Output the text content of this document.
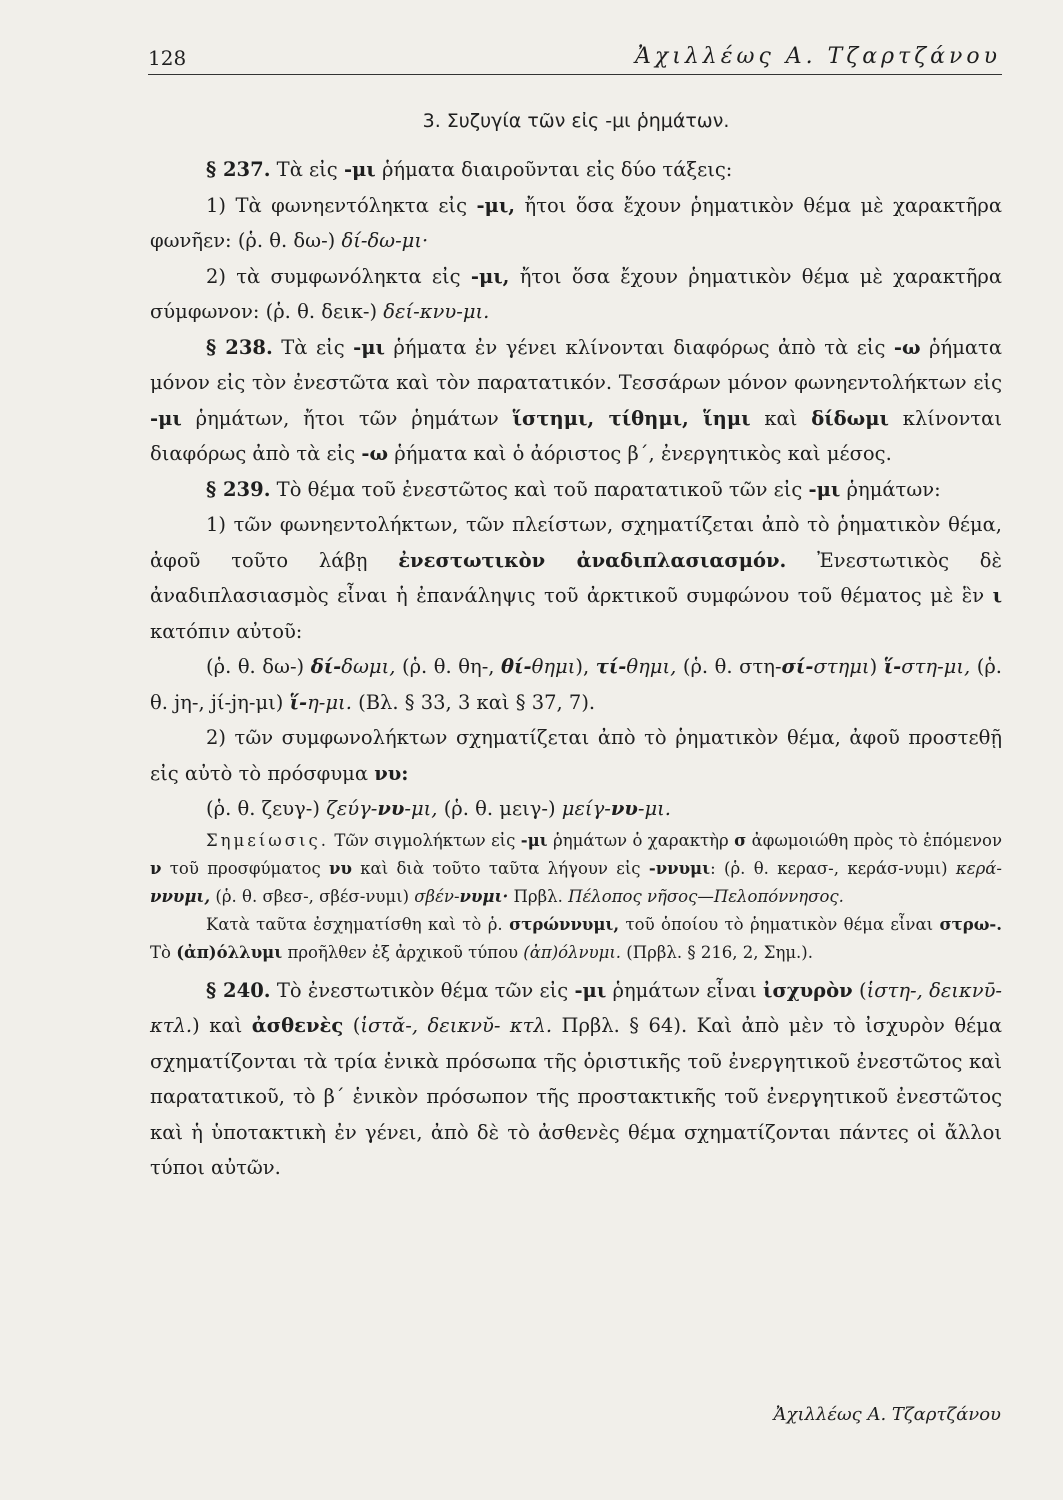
128	Ἀχιλλέως Α. Τζαρτζάνου
3. Συζυγία τῶν εἰς -μι ῥημάτων.

§ 237. Τὰ εἰς -μι ῥήματα διαιροῦνται εἰς δύο τάξεις:

1) Τὰ φωνηεντόληκτα εἰς -μι, ἤτοι ὅσα ἔχουν ῥηματικὸν θέμα μὲ χαρακτῆρα φωνῆεν: (ῥ. θ. δω-) δί-δω-μι·

2) τὰ συμφωνόληκτα εἰς -μι, ἤτοι ὅσα ἔχουν ῥηματικὸν θέμα μὲ χαρακτῆρα σύμφωνον: (ῥ. θ. δεικ-) δεί-κνυ-μι.

§ 238. Τὰ εἰς -μι ῥήματα ἐν γένει κλίνονται διαφόρως ἀπὸ τὰ εἰς -ω ῥήματα μόνον εἰς τὸν ἐνεστῶτα καὶ τὸν παρατατικόν. Τεσσάρων μόνον φωνηεντολήκτων εἰς -μι ῥημάτων, ἤτοι τῶν ῥημάτων ἵστημι, τίθημι, ἵημι καὶ δίδωμι κλίνονται διαφόρως ἀπὸ τὰ εἰς -ω ῥήματα καὶ ὁ ἀόριστος β΄, ἐνεργητικὸς καὶ μέσος.

§ 239. Τὸ θέμα τοῦ ἐνεστῶτος καὶ τοῦ παρατατικοῦ τῶν εἰς -μι ῥημάτων:

1) τῶν φωνηεντολήκτων, τῶν πλείστων, σχηματίζεται ἀπὸ τὸ ῥηματικὸν θέμα, ἀφοῦ τοῦτο λάβῃ ἐνεστωτικὸν ἀναδιπλασιασμόν. Ἐνεστωτικὸς δὲ ἀναδιπλασιασμὸς εἶναι ἡ ἐπανάληψις τοῦ ἀρκτικοῦ συμφώνου τοῦ θέματος μὲ ἓν ι κατόπιν αὐτοῦ:

(ῥ. θ. δω-) δί-δωμι, (ῥ. θ. θη-, θί-θημι), τί-θημι, (ῥ. θ. στη-σί-στημι) ἵ-στη-μι, (ῥ. θ. jη-, jί-jη-μι) ἵ-η-μι. (Βλ. § 33, 3 καὶ § 37, 7).

2) τῶν συμφωνολήκτων σχηματίζεται ἀπὸ τὸ ῥηματικὸν θέμα, ἀφοῦ προστεθῇ εἰς αὐτὸ τὸ πρόσφυμα νυ:

(ῥ. θ. ζευγ-) ζεύγ-νυ-μι, (ῥ. θ. μειγ-) μείγ-νυ-μι.

Σημείωσις. Τῶν σιγμολήκτων εἰς -μι ῥημάτων ὁ χαρακτὴρ σ ἀφωμοιώθη πρὸς τὸ ἑπόμενον ν τοῦ προσφύματος νυ καὶ διὰ τοῦτο ταῦτα λήγουν εἰς -ννυμι: (ῥ. θ. κερασ-, κεράσ-νυμι) κερά-ννυμι, (ῥ. θ. σβεσ-, σβέσ-νυμι) σβέν-νυμι· Πρβλ. Πέλοπος νῆσος—Πελοπόννησος.

Κατὰ ταῦτα ἐσχηματίσθη καὶ τὸ ῥ. στρώννυμι, τοῦ ὁποίου τὸ ῥηματικὸν θέμα εἶναι στρω-. Τὸ (ἀπ)όλλυμι προῆλθεν ἐξ ἀρχικοῦ τύπου (ἀπ)όλνυμι. (Πρβλ. § 216, 2, Σημ.).

§ 240. Τὸ ἐνεστωτικὸν θέμα τῶν εἰς -μι ῥημάτων εἶναι ἰσχυρὸν (ἱστη-, δεικνῡ- κτλ.) καὶ ἀσθενὲς (ἱστᾰ-, δεικνῠ- κτλ. Πρβλ. § 64). Καὶ ἀπὸ μὲν τὸ ἰσχυρὸν θέμα σχηματίζονται τὰ τρία ἑνικὰ πρόσωπα τῆς ὁριστικῆς τοῦ ἐνεργητικοῦ ἐνεστῶτος καὶ παρατατικοῦ, τὸ β΄ ἑνικὸν πρόσωπον τῆς προστακτικῆς τοῦ ἐνεργητικοῦ ἐνεστῶτος καὶ ἡ ὑποτακτικὴ ἐν γένει, ἀπὸ δὲ τὸ ἀσθενὲς θέμα σχηματίζονται πάντες οἱ ἄλλοι τύποι αὐτῶν.

Ἀχιλλέως Α. Τζαρτζάνου
